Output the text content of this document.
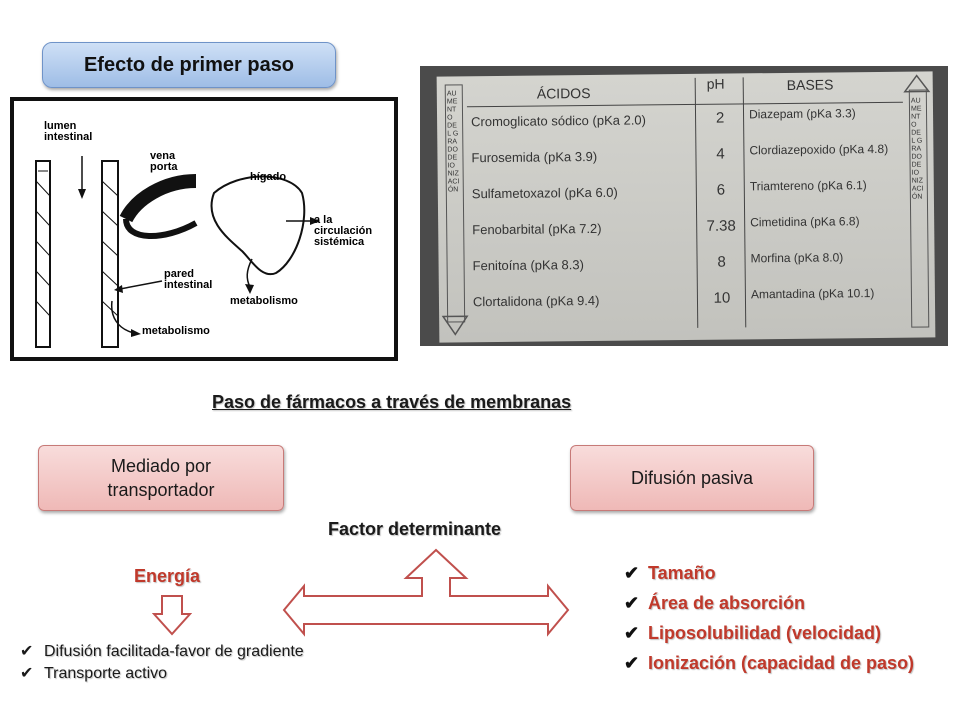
Efecto de primer paso
lumen
intestinal
vena
porta
hígado
a la
circulación
sistémica
pared
intestinal
metabolismo
metabolismo
AUMENTO DEL GRADO DE IONIZACIÓN
AUMENTO DEL GRADO DE IONIZACIÓN
ÁCIDOS
pH	BASES
Cromoglicato sódico (pKa 2.0)
Furosemida (pKa 3.9)
Sulfametoxazol (pKa 6.0)
Fenobarbital (pKa 7.2)
Fenitoína (pKa 8.3)
Clortalidona (pKa 9.4)
2
4
6
7.38
8
10
Diazepam (pKa 3.3)
Clordiazepoxido (pKa 4.8)
Triamtereno (pKa 6.1)
Cimetidina (pKa 6.8)
Morfina (pKa 8.0)
Amantadina (pKa 10.1)
Paso de fármacos a través de membranas
Mediado por transportador
Difusión pasiva
Factor determinante
Energía
✔ Difusión facilitada-favor de gradiente
✔ Transporte activo
✔ Tamaño
✔ Área de absorción
✔ Liposolubilidad (velocidad)
✔ Ionización (capacidad de paso)
